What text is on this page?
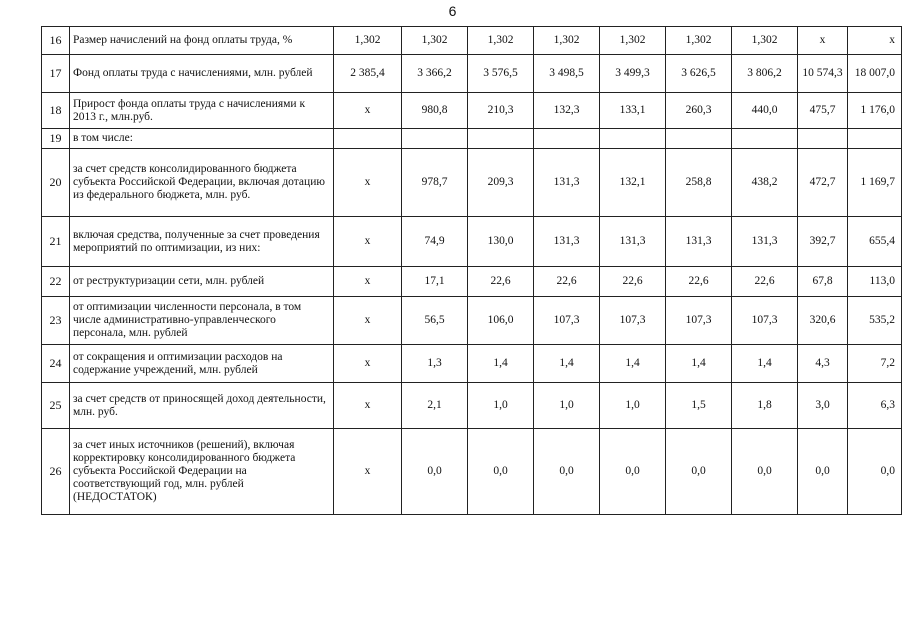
6
16	Размер начислений на фонд оплаты труда, %	1,302	1,302	1,302	1,302	1,302	1,302	1,302	x	x
17	Фонд оплаты труда с начислениями, млн. рублей	2 385,4	3 366,2	3 576,5	3 498,5	3 499,3	3 626,5	3 806,2	10 574,3	18 007,0
18	Прирост фонда оплаты труда с начислениями к 2013 г., млн.руб.	x	980,8	210,3	132,3	133,1	260,3	440,0	475,7	1 176,0
19	в том числе:									
20	за счет средств консолидированного бюджета субъекта Российской Федерации, включая дотацию из федерального бюджета, млн. руб.	x	978,7	209,3	131,3	132,1	258,8	438,2	472,7	1 169,7
21	включая средства, полученные за счет проведения мероприятий по оптимизации, из них:	x	74,9	130,0	131,3	131,3	131,3	131,3	392,7	655,4
22	от реструктуризации сети, млн. рублей	x	17,1	22,6	22,6	22,6	22,6	22,6	67,8	113,0
23	от оптимизации численности персонала, в том числе административно-управленческого персонала, млн. рублей	x	56,5	106,0	107,3	107,3	107,3	107,3	320,6	535,2
24	от сокращения и оптимизации расходов на содержание учреждений, млн. рублей	x	1,3	1,4	1,4	1,4	1,4	1,4	4,3	7,2
25	за счет средств от приносящей доход деятельности, млн. руб.	x	2,1	1,0	1,0	1,0	1,5	1,8	3,0	6,3
26	за счет иных источников (решений), включая корректировку консолидированного бюджета субъекта Российской Федерации на соответствующий год, млн. рублей (НЕДОСТАТОК)	x	0,0	0,0	0,0	0,0	0,0	0,0	0,0	0,0
